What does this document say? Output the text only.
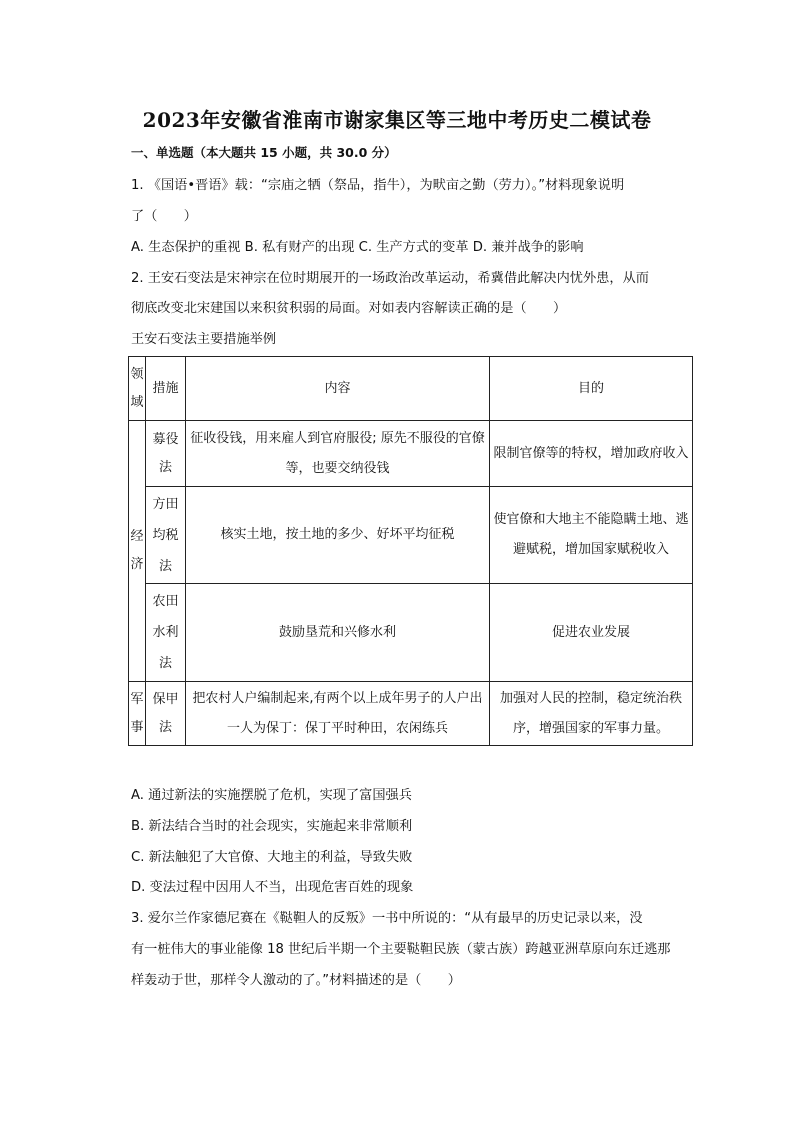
2023年安徽省淮南市谢家集区等三地中考历史二模试卷
一、单选题（本大题共 15 小题，共 30.0 分）
1. 《国语•晋语》载：“宗庙之牺（祭品，指牛），为畎亩之勤（劳力）。”材料现象说明
了（　　）
A. 生态保护的重视 B. 私有财产的出现 C. 生产方式的变革 D. 兼并战争的影响
2. 王安石变法是宋神宗在位时期展开的一场政治改革运动，希冀借此解决内忧外患，从而
彻底改变北宋建国以来积贫积弱的局面。对如表内容解读正确的是（　　）
王安石变法主要措施举例
领域	措施	内容	目的

经济	募役法	征收役钱，用来雇人到官府服役; 原先不服役的官僚等，也要交纳役钱	限制官僚等的特权，增加政府收入

	方田均税法	核实土地，按土地的多少、好坏平均征税	使官僚和大地主不能隐瞒土地、逃避赋税，增加国家赋税收入

	农田水利法	鼓励垦荒和兴修水利	促进农业发展

军事	保甲法	把农村人户编制起来,有两个以上成年男子的人户出一人为保丁：保丁平时种田，农闲练兵	加强对人民的控制，稳定统治秩序，增强国家的军事力量。
A. 通过新法的实施摆脱了危机，实现了富国强兵
B. 新法结合当时的社会现实，实施起来非常顺利
C. 新法触犯了大官僚、大地主的利益，导致失败
D. 变法过程中因用人不当，出现危害百姓的现象
3. 爱尔兰作家德尼赛在《鞑靼人的反叛》一书中所说的：“从有最早的历史记录以来，没
有一桩伟大的事业能像 18 世纪后半期一个主要鞑靼民族（蒙古族）跨越亚洲草原向东迁逃那
样轰动于世，那样令人激动的了。”材料描述的是（　　）
